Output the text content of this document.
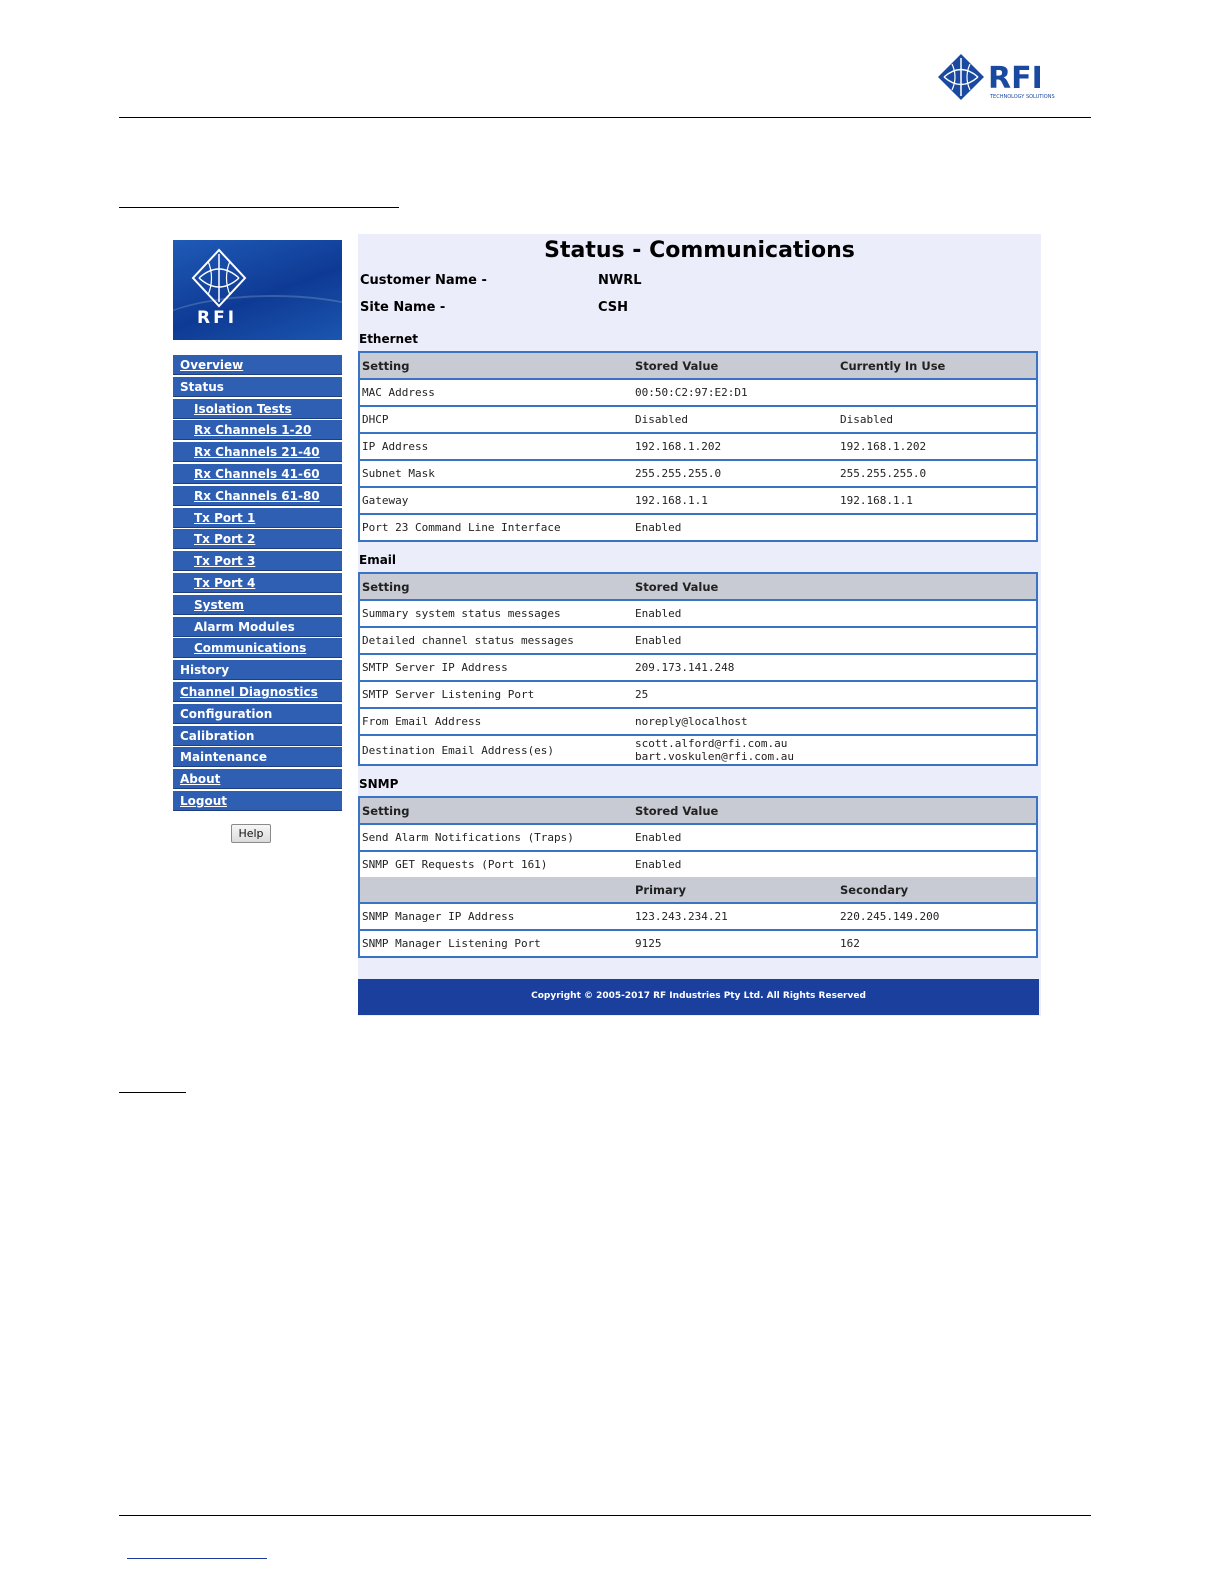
RFI
TECHNOLOGY SOLUTIONS
RFI
Overview
Status
Isolation Tests
Rx Channels 1-20
Rx Channels 21-40
Rx Channels 41-60
Rx Channels 61-80
Tx Port 1
Tx Port 2
Tx Port 3
Tx Port 4
System
Alarm Modules
Communications
History
Channel Diagnostics
Configuration
Calibration
Maintenance
About
Logout
Help
Status - Communications
Customer Name -	NWRL
Site Name -	CSH
Ethernet
Setting	Stored Value	Currently In Use
MAC Address	00:50:C2:97:E2:D1	
DHCP	Disabled	Disabled
IP Address	192.168.1.202	192.168.1.202
Subnet Mask	255.255.255.0	255.255.255.0
Gateway	192.168.1.1	192.168.1.1
Port 23 Command Line Interface	Enabled	
Email
Setting	Stored Value	
Summary system status messages	Enabled	
Detailed channel status messages	Enabled	
SMTP Server IP Address	209.173.141.248	
SMTP Server Listening Port	25	
From Email Address	noreply@localhost	
Destination Email Address(es)	scott.alford@rfi.com.au
bart.voskulen@rfi.com.au	

SNMP
Setting	Stored Value	
Send Alarm Notifications (Traps)	Enabled	
SNMP GET Requests (Port 161)	Enabled	
	Primary	Secondary
SNMP Manager IP Address	123.243.234.21	220.245.149.200
SNMP Manager Listening Port	9125	162
Copyright © 2005-2017 RF Industries Pty Ltd. All Rights Reserved
